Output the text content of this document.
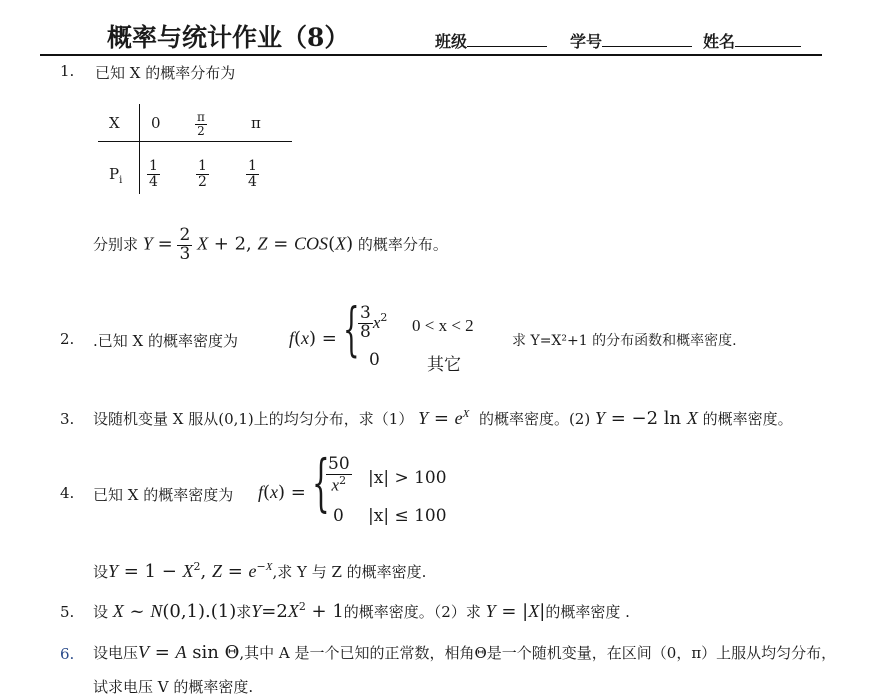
概率与统计作业（8）	班级	学号	姓名
1. 已知 X 的概率分布为
X 0	$\frac{\pi}{2}$	π
$P_i \frac{1}{4}$	$\frac{1}{2}$	$\frac{1}{4}$
分别求 $Y = \frac{2}{3}$ X + 2, Z = COS(X) 的概率分布。
2. .已知 X 的概率密度为	f(x) = {
$\frac{3}{8} x^2$ 0 < x < 2
0	其它
求 Y=X²+1 的分布函数和概率密度.
3. 设随机变量 X 服从(0,1)上的均匀分布，求（1） $Y = e^X$ 的概率密度。(2) Y = −2 ln X 的概率密度。
4. 已知 X 的概率密度为 f(x) = {
$\frac{50}{x^2} |x| > 100$
0 |x| ≤ 100
设$Y = 1 - X^2$, $Z = e^{-X}$,求 Y 与 Z 的概率密度.
5. 设 X ~ N(0,1).(1)求$Y=2X^2 + 1$的概率密度。（2）求 Y = |X|的概率密度 .
6. 设电压V = A sin Θ,其中 A 是一个已知的正常数，相角Θ是一个随机变量，在区间（0，π）上服从均匀分布，
试求电压 V 的概率密度.
